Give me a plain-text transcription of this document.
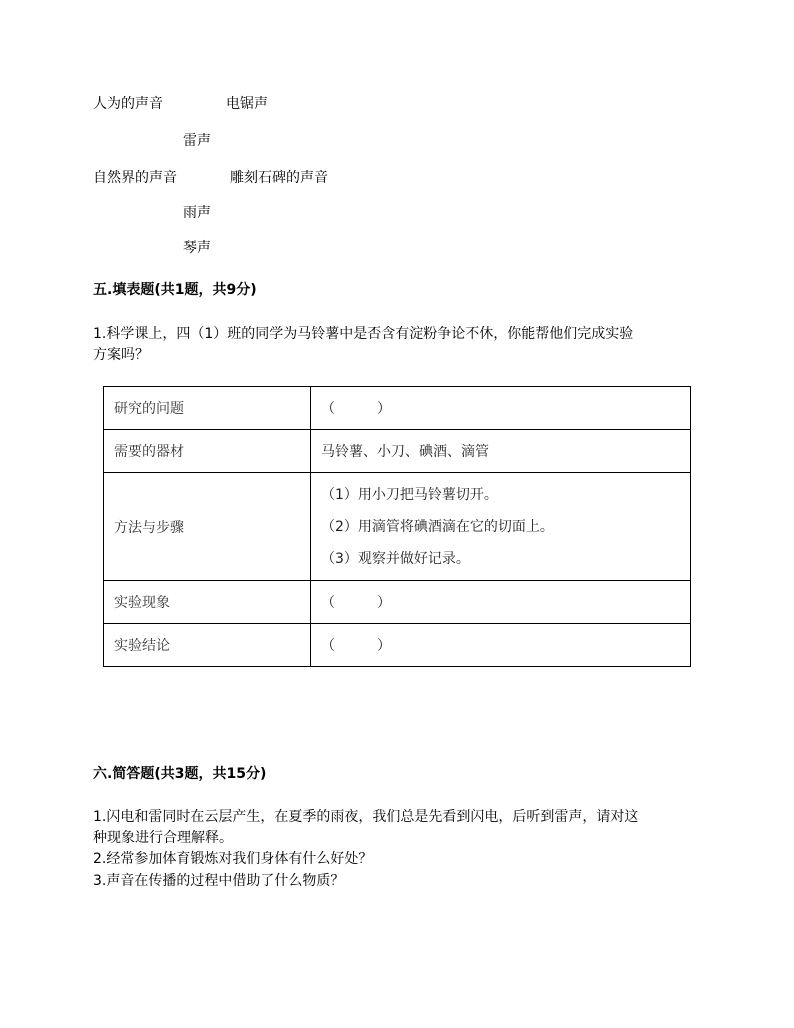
人为的声音	电锯声
雷声
自然界的声音	雕刻石碑的声音
雨声
琴声
五.填表题(共1题，共9分)
1.科学课上，四（1）班的同学为马铃薯中是否含有淀粉争论不休，你能帮他们完成实验
方案吗？
研究的问题	（　　　）
需要的器材	马铃薯、小刀、碘酒、滴管
方法与步骤	（1）用小刀把马铃薯切开。
（2）用滴管将碘酒滴在它的切面上。
（3）观察并做好记录。

实验现象	（　　　）
实验结论	（　　　）
六.简答题(共3题，共15分)
1.闪电和雷同时在云层产生，在夏季的雨夜，我们总是先看到闪电，后听到雷声，请对这
种现象进行合理解释。
2.经常参加体育锻炼对我们身体有什么好处？
3.声音在传播的过程中借助了什么物质？
